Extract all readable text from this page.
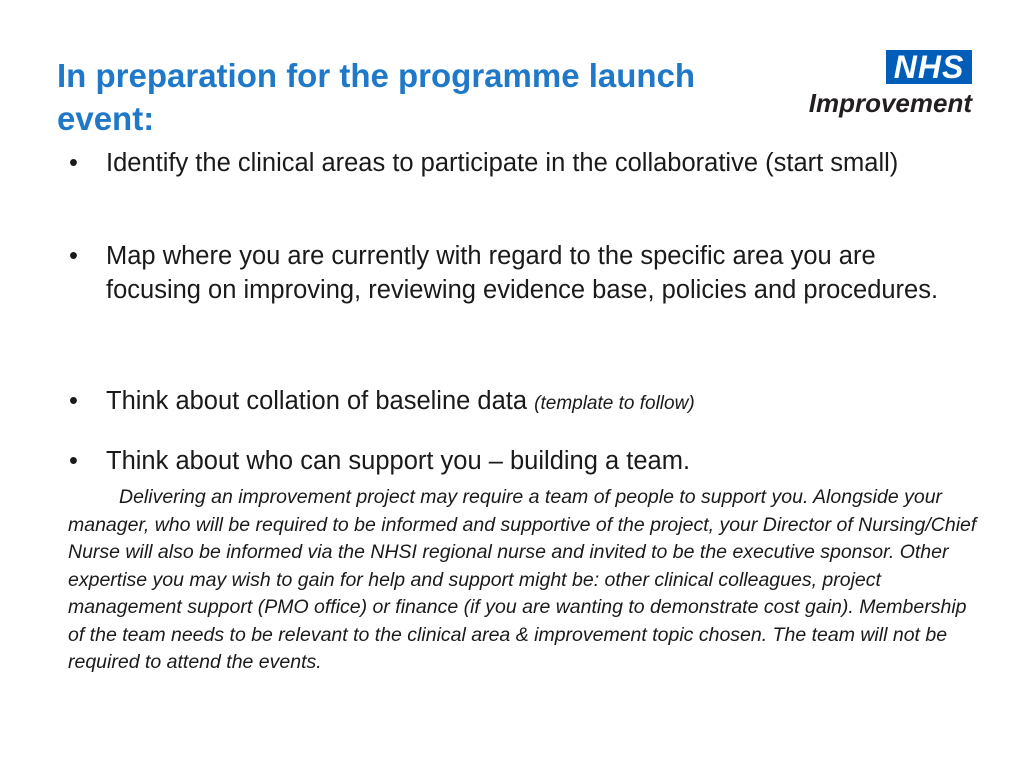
In preparation for the programme launch event:
NHS
Improvement
•	Identify the clinical areas to participate in the collaborative (start small)
•	Map where you are currently with regard to the specific area you are focusing on improving, reviewing evidence base, policies and procedures.
•	Think about collation of baseline data (template to follow)
•	Think about who can support you – building a team.

Delivering an improvement project may require a team of people to support you. Alongside your manager, who will be required to be informed and supportive of the project, your Director of Nursing/Chief Nurse will also be informed via the NHSI regional nurse and invited to be the executive sponsor. Other expertise you may wish to gain for help and support might be: other clinical colleagues, project management support (PMO office) or finance (if you are wanting to demonstrate cost gain). Membership of the team needs to be relevant to the clinical area & improvement topic chosen. The team will not be required to attend the events.
